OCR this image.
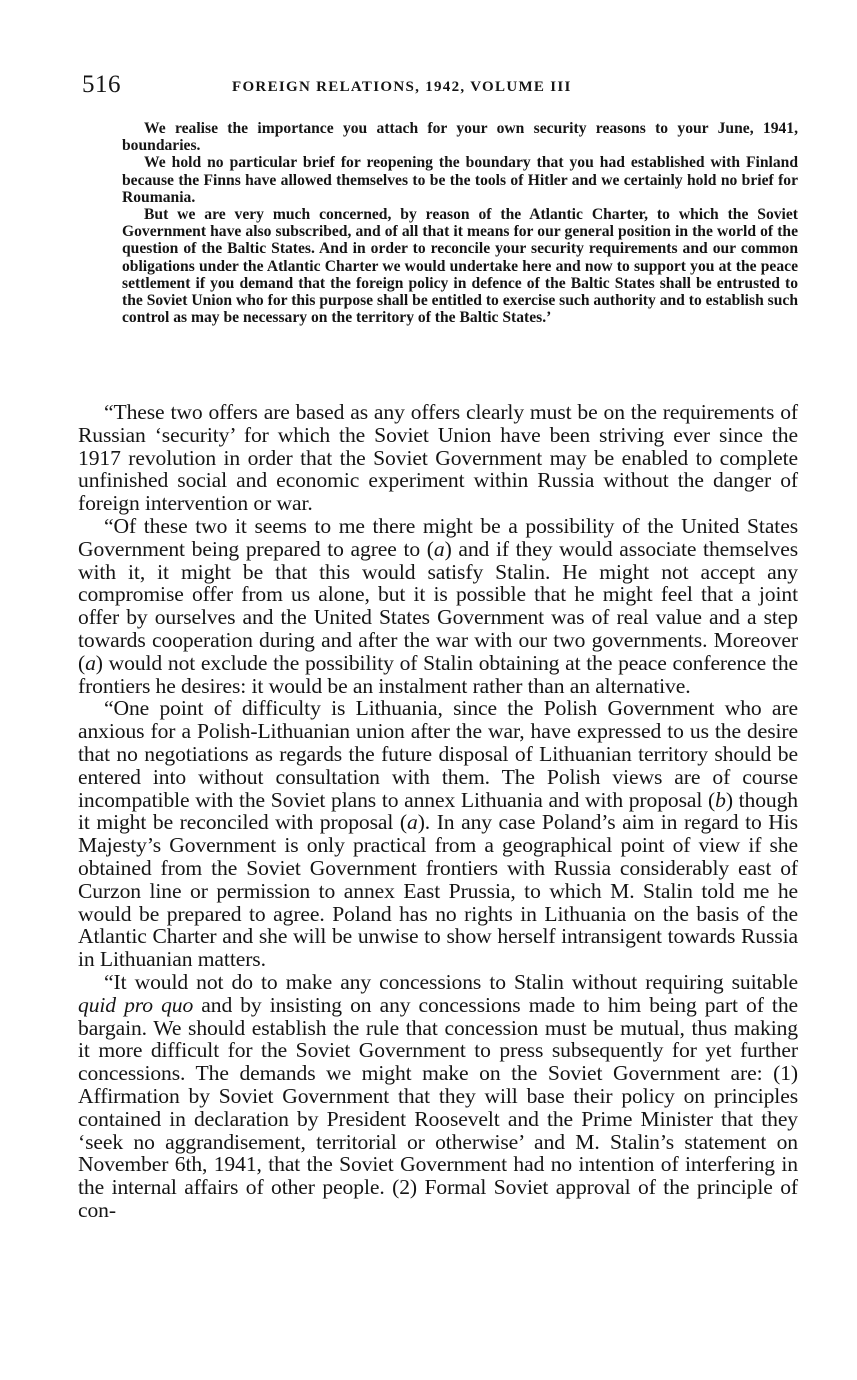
516	FOREIGN RELATIONS, 1942, VOLUME III

We realise the importance you attach for your own security reasons to your June, 1941, boundaries.

We hold no particular brief for reopening the boundary that you had established with Finland because the Finns have allowed themselves to be the tools of Hitler and we certainly hold no brief for Roumania.

But we are very much concerned, by reason of the Atlantic Charter, to which the Soviet Government have also subscribed, and of all that it means for our general position in the world of the question of the Baltic States. And in order to reconcile your security requirements and our common obligations under the Atlantic Charter we would undertake here and now to support you at the peace settlement if you demand that the foreign policy in defence of the Baltic States shall be entrusted to the Soviet Union who for this purpose shall be entitled to exercise such authority and to establish such control as may be necessary on the territory of the Baltic States.’

“These two offers are based as any offers clearly must be on the requirements of Russian ‘security’ for which the Soviet Union have been striving ever since the 1917 revolution in order that the Soviet Government may be enabled to complete unfinished social and economic experiment within Russia without the danger of foreign intervention or war.

“Of these two it seems to me there might be a possibility of the United States Government being prepared to agree to (a) and if they would associate themselves with it, it might be that this would satisfy Stalin. He might not accept any compromise offer from us alone, but it is possible that he might feel that a joint offer by ourselves and the United States Government was of real value and a step towards cooperation during and after the war with our two governments. Moreover (a) would not exclude the possibility of Stalin obtaining at the peace conference the frontiers he desires: it would be an instalment rather than an alternative.

“One point of difficulty is Lithuania, since the Polish Government who are anxious for a Polish-Lithuanian union after the war, have expressed to us the desire that no negotiations as regards the future disposal of Lithuanian territory should be entered into without consultation with them. The Polish views are of course incompatible with the Soviet plans to annex Lithuania and with proposal (b) though it might be reconciled with proposal (a). In any case Poland’s aim in regard to His Majesty’s Government is only practical from a geographical point of view if she obtained from the Soviet Government frontiers with Russia considerably east of Curzon line or permission to annex East Prussia, to which M. Stalin told me he would be prepared to agree. Poland has no rights in Lithuania on the basis of the Atlantic Charter and she will be unwise to show herself intransigent towards Russia in Lithuanian matters.

“It would not do to make any concessions to Stalin without requiring suitable quid pro quo and by insisting on any concessions made to him being part of the bargain. We should establish the rule that concession must be mutual, thus making it more difficult for the Soviet Government to press subsequently for yet further concessions. The demands we might make on the Soviet Government are: (1) Affirmation by Soviet Government that they will base their policy on principles contained in declaration by President Roosevelt and the Prime Minister that they ‘seek no aggrandisement, territorial or otherwise’ and M. Stalin’s statement on November 6th, 1941, that the Soviet Government had no intention of interfering in the internal affairs of other people. (2) Formal Soviet approval of the principle of con-
